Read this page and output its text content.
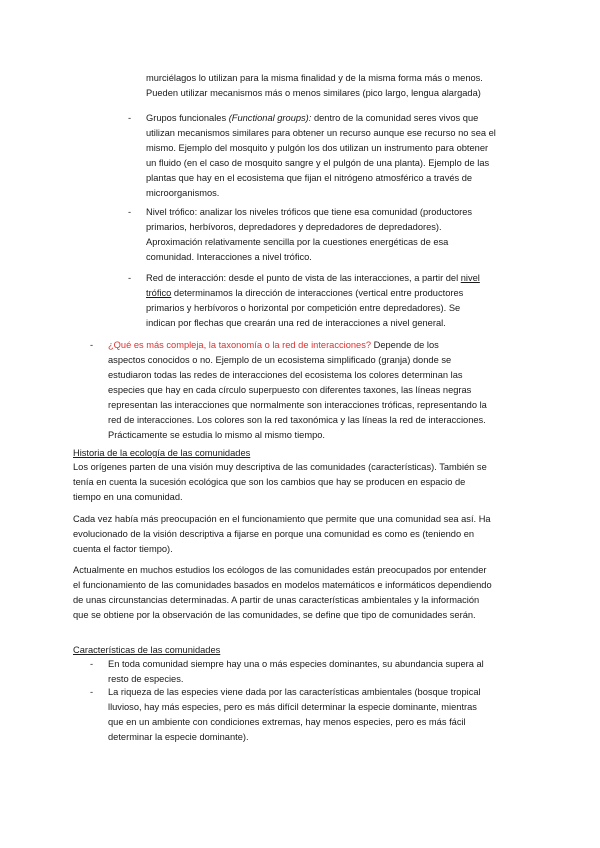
murciélagos lo utilizan para la misma finalidad y de la misma forma más o menos.
Pueden utilizar mecanismos más o menos similares (pico largo, lengua alargada)
-	Grupos funcionales (Functional groups): dentro de la comunidad seres vivos que
utilizan mecanismos similares para obtener un recurso aunque ese recurso no sea el
mismo. Ejemplo del mosquito y pulgón los dos utilizan un instrumento para obtener
un fluido (en el caso de mosquito sangre y el pulgón de una planta). Ejemplo de las
plantas que hay en el ecosistema que fijan el nitrógeno atmosférico a través de
microorganismos.
-	Nivel trófico: analizar los niveles tróficos que tiene esa comunidad (productores
primarios, herbívoros, depredadores y depredadores de depredadores).
Aproximación relativamente sencilla por la cuestiones energéticas de esa
comunidad. Interacciones a nivel trófico.
-	Red de interacción: desde el punto de vista de las interacciones, a partir del nivel
trófico determinamos la dirección de interacciones (vertical entre productores
primarios y herbívoros o horizontal por competición entre depredadores). Se
indican por flechas que crearán una red de interacciones a nivel general.
-	¿Qué es más compleja, la taxonomía o la red de interacciones? Depende de los
aspectos conocidos o no. Ejemplo de un ecosistema simplificado (granja) donde se
estudiaron todas las redes de interacciones del ecosistema los colores determinan las
especies que hay en cada círculo superpuesto con diferentes taxones, las líneas negras
representan las interacciones que normalmente son interacciones tróficas, representando la
red de interacciones. Los colores son la red taxonómica y las líneas la red de interacciones.
Prácticamente se estudia lo mismo al mismo tiempo.
Historia de la ecología de las comunidades
Los orígenes parten de una visión muy descriptiva de las comunidades (características). También se
tenía en cuenta la sucesión ecológica que son los cambios que hay se producen en espacio de
tiempo en una comunidad.
Cada vez había más preocupación en el funcionamiento que permite que una comunidad sea así. Ha
evolucionado de la visión descriptiva a fijarse en porque una comunidad es como es (teniendo en
cuenta el factor tiempo).
Actualmente en muchos estudios los ecólogos de las comunidades están preocupados por entender
el funcionamiento de las comunidades basados en modelos matemáticos e informáticos dependiendo
de unas circunstancias determinadas. A partir de unas características ambientales y la información
que se obtiene por la observación de las comunidades, se define que tipo de comunidades serán.
Características de las comunidades
-	En toda comunidad siempre hay una o más especies dominantes, su abundancia supera al
resto de especies.
-	La riqueza de las especies viene dada por las características ambientales (bosque tropical
lluvioso, hay más especies, pero es más difícil determinar la especie dominante, mientras
que en un ambiente con condiciones extremas, hay menos especies, pero es más fácil
determinar la especie dominante).
